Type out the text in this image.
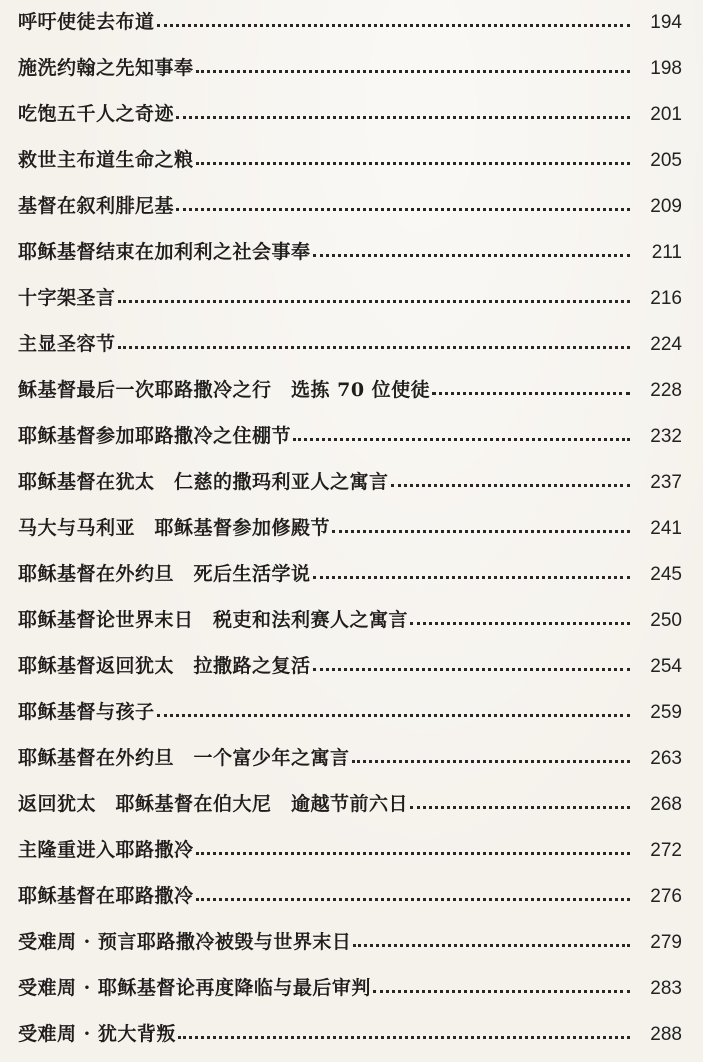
呼吁使徒去布道	194
施洗约翰之先知事奉	198
吃饱五千人之奇迹	201
救世主布道生命之粮	205
基督在叙利腓尼基	209
耶稣基督结束在加利利之社会事奉	211
十字架圣言	216
主显圣容节	224
稣基督最后一次耶路撒冷之行　选拣 70 位使徒	228
耶稣基督参加耶路撒冷之住棚节	232
耶稣基督在犹太　仁慈的撒玛利亚人之寓言	237
马大与马利亚　耶稣基督参加修殿节	241
耶稣基督在外约旦　死后生活学说	245
耶稣基督论世界末日　税吏和法利赛人之寓言	250
耶稣基督返回犹太　拉撒路之复活	254
耶稣基督与孩子	259
耶稣基督在外约旦　一个富少年之寓言	263
返回犹太　耶稣基督在伯大尼　逾越节前六日	268
主隆重进入耶路撒冷	272
耶稣基督在耶路撒冷	276
受难周 · 预言耶路撒冷被毁与世界末日	279
受难周 · 耶稣基督论再度降临与最后审判	283
受难周 · 犹大背叛	288
